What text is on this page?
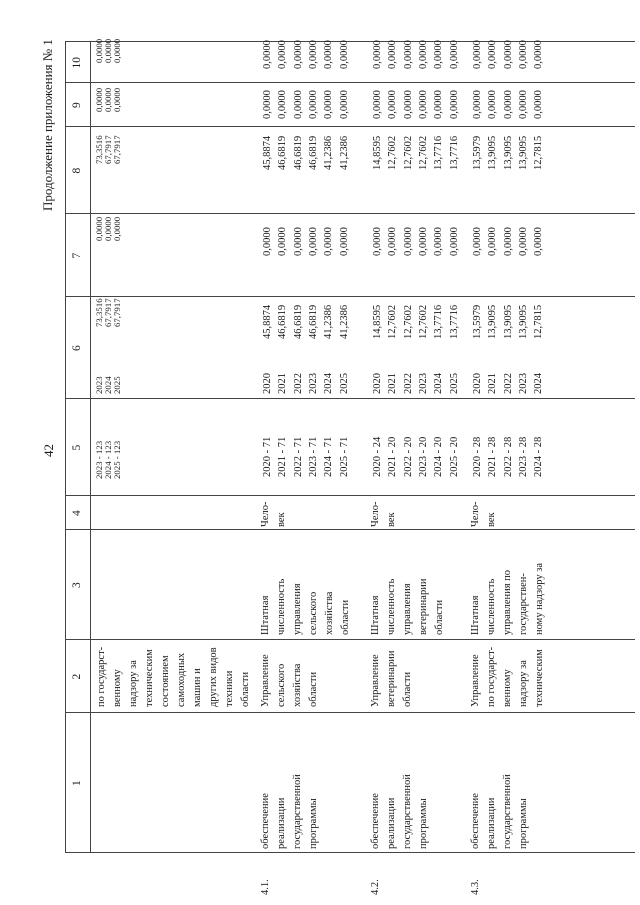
42
Продолжение приложения № 1
1
2
3
4
5
6
7
8
9
10
по государст-
венному
надзору за
техническим
состоянием
самоходных
машин и
других видов
техники
области
2023 - 123 2024 - 123 2025 - 123
2023 2024 2025
73,3516 67,7917 67,7917
0,0000 0,0000 0,0000
73,3516 67,7917 67,7917
0,0000 0,0000 0,0000
0,0000 0,0000 0,0000
4.1.
обеспечение
реализации
государственной
программы
Управление
сельского
хозяйства
области
Штатная
численность
управления
сельского
хозяйства
области
Чело-
век
2020 - 71 2021 - 71 2022 - 71 2023 - 71 2024 - 71 2025 - 71
2020 2021 2022 2023 2024 2025
45,8874 46,6819 46,6819 46,6819 41,2386 41,2386
0,0000 0,0000 0,0000 0,0000 0,0000 0,0000
45,8874 46,6819 46,6819 46,6819 41,2386 41,2386
0,0000 0,0000 0,0000 0,0000 0,0000 0,0000
0,0000 0,0000 0,0000 0,0000 0,0000 0,0000
4.2.
обеспечение
реализации
государственной
программы
Управление
ветеринарии
области
Штатная
численность
управления
ветеринарии
области
Чело-
век
2020 - 24 2021 - 20 2022 - 20 2023 - 20 2024 - 20 2025 - 20
2020 2021 2022 2023 2024 2025
14,8595 12,7602 12,7602 12,7602 13,7716 13,7716
0,0000 0,0000 0,0000 0,0000 0,0000 0,0000
14,8595 12,7602 12,7602 12,7602 13,7716 13,7716
0,0000 0,0000 0,0000 0,0000 0,0000 0,0000
0,0000 0,0000 0,0000 0,0000 0,0000 0,0000
4.3.
обеспечение
реализации
государственной
программы
Управление
по государст-
венному
надзору за
техническим
Штатная
численность
управления по
государствен-
ному надзору за
Чело-
век
2020 - 28 2021 - 28 2022 - 28 2023 - 28 2024 - 28
2020 2021 2022 2023 2024
13,5979 13,9095 13,9095 13,9095 12,7815
0,0000 0,0000 0,0000 0,0000 0,0000
13,5979 13,9095 13,9095 13,9095 12,7815
0,0000 0,0000 0,0000 0,0000 0,0000
0,0000 0,0000 0,0000 0,0000 0,0000
